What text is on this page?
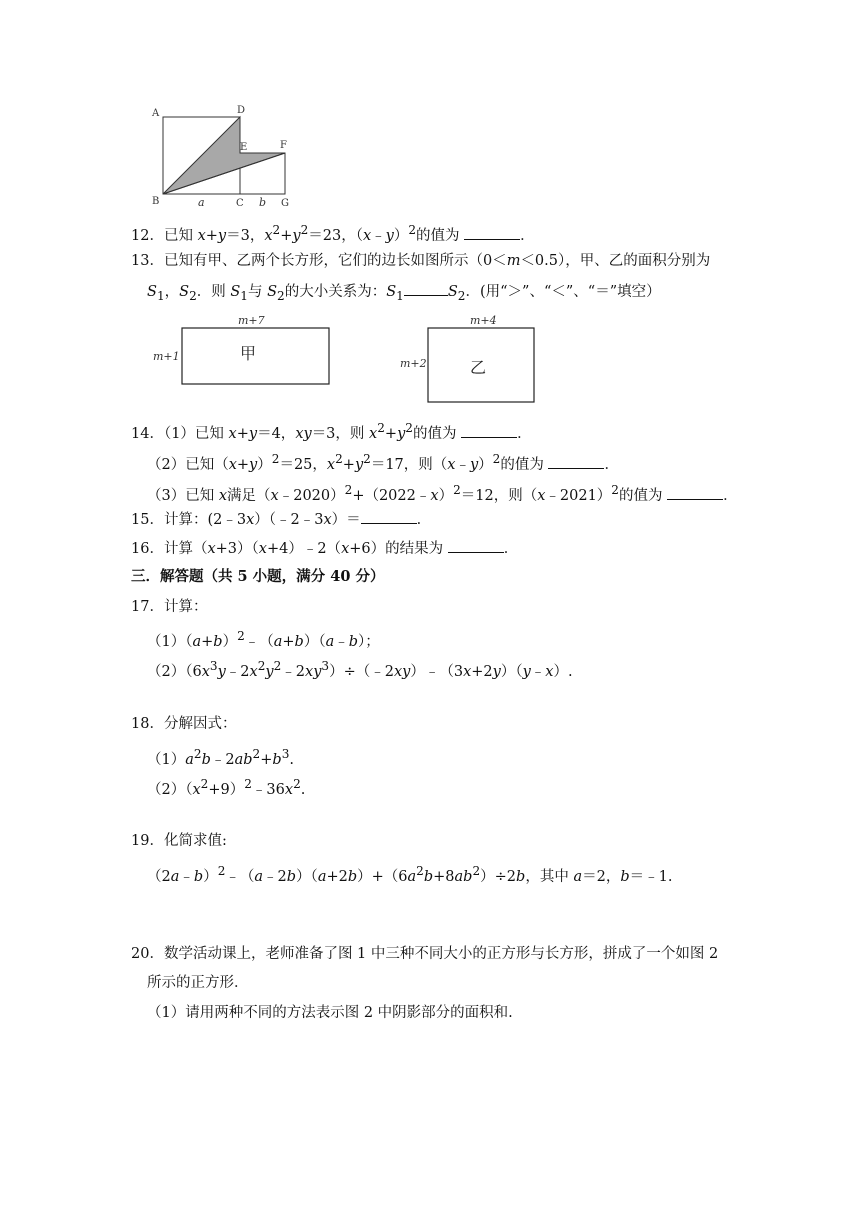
A	D
E	F
B	C	G
a	b
12．已知 x+y＝3，$x^2+y^2=23$，（x﹣y）$^2$的值为	．
13．已知有甲、乙两个长方形，它们的边长如图所示（0＜m＜0.5），甲、乙的面积分别为
$S_1$，$S_2$．则 $S_1$与 $S_2$的大小关系为：$S_1$	$S_2$．(用“＞”、“＜”、“＝”填空）
m+7
m+1	甲
m+4
m+2	乙
14．（1）已知 x+y＝4，xy＝3，则 $x^2+y^2$的值为	．
（2）已知$(x+y)^2=25$，$x^2+y^2=17$，则（x﹣y）$^2$的值为	．
（3）已知 x满足（x﹣2020）$^2$+（2022﹣x）$^2$＝12，则（x﹣2021）$^2$的值为	．
15．计算：(2﹣3x）（﹣2﹣3x）＝	．
16．计算（x+3）（x+4）﹣2（x+6）的结果为	．
三．解答题（共 5 小题，满分 40 分）
17．计算：
$(1)(a+b)^2﹣(a+b)(a﹣b)$；
$(2)(6x^3y﹣2x^2y^2﹣2xy^3)\div(﹣2xy)﹣(3x+2y)(y﹣x)$.
18．分解因式：
$(1)a^2b﹣2ab^2+b^3$.
$(2)(x^2+9)^2﹣36x^2$.
19．化简求值:
$(2a﹣b)^2﹣(a﹣2b)(a+2b)+(6a^2b+8ab^2)\div 2b$，其中 a＝2，b＝﹣1.
20．数学活动课上，老师准备了图 1 中三种不同大小的正方形与长方形，拼成了一个如图 2
所示的正方形．
（1）请用两种不同的方法表示图 2 中阴影部分的面积和.
